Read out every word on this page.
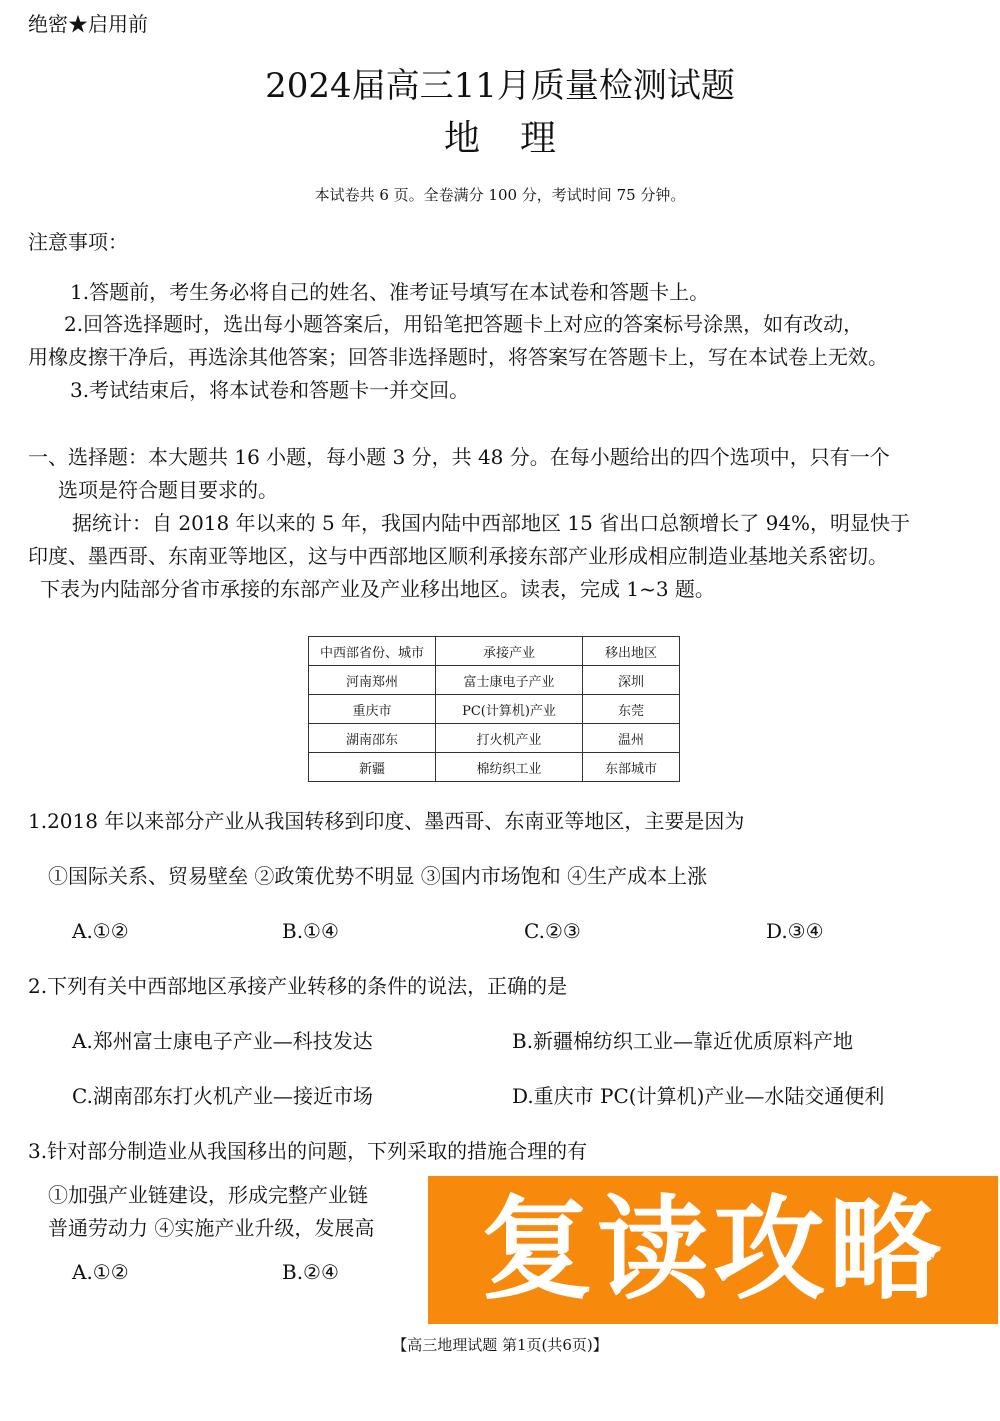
绝密★启用前
2024届高三11月质量检测试题
地理
本试卷共 6 页。全卷满分 100 分，考试时间 75 分钟。
注意事项：
1.答题前，考生务必将自己的姓名、准考证号填写在本试卷和答题卡上。
2.回答选择题时，选出每小题答案后，用铅笔把答题卡上对应的答案标号涂黑，如有改动，
用橡皮擦干净后，再选涂其他答案；回答非选择题时，将答案写在答题卡上，写在本试卷上无效。
3.考试结束后，将本试卷和答题卡一并交回。
一、选择题：本大题共 16 小题，每小题 3 分，共 48 分。在每小题给出的四个选项中，只有一个
选项是符合题目要求的。
据统计：自 2018 年以来的 5 年，我国内陆中西部地区 15 省出口总额增长了 94%，明显快于
印度、墨西哥、东南亚等地区，这与中西部地区顺利承接东部产业形成相应制造业基地关系密切。
下表为内陆部分省市承接的东部产业及产业移出地区。读表，完成 1~3 题。
中西部省份、城市	承接产业	移出地区
河南郑州	富士康电子产业	深圳
重庆市	PC(计算机)产业	东莞
湖南邵东	打火机产业	温州
新疆	棉纺织工业	东部城市
1.2018 年以来部分产业从我国转移到印度、墨西哥、东南亚等地区，主要是因为
①国际关系、贸易壁垒 ②政策优势不明显 ③国内市场饱和 ④生产成本上涨
A.①②	B.①④	C.②③	D.③④
2.下列有关中西部地区承接产业转移的条件的说法，正确的是
A.郑州富士康电子产业—科技发达	B.新疆棉纺织工业—靠近优质原料产地
C.湖南邵东打火机产业—接近市场	D.重庆市 PC(计算机)产业—水陆交通便利
3.针对部分制造业从我国移出的问题，下列采取的措施合理的有
①加强产业链建设，形成完整产业链
普通劳动力 ④实施产业升级，发展高
A.①②	B.②④	复读攻略
【高三地理试题 第1页(共6页)】
